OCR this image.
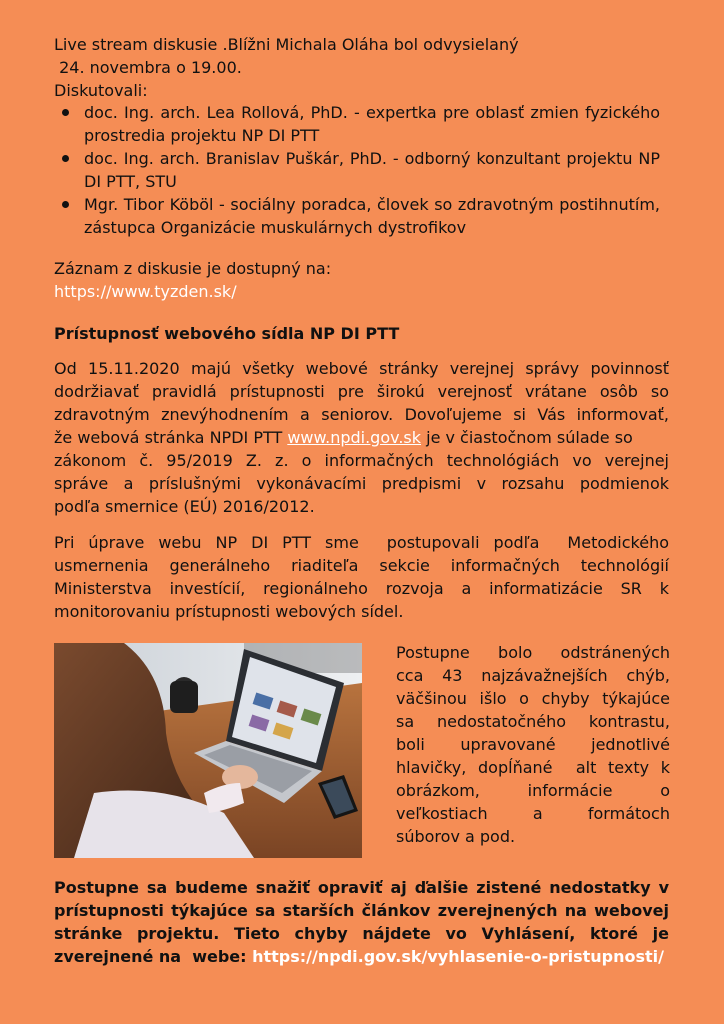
Live stream diskusie .Blížni Michala Oláha bol odvysielaný
24. novembra o 19.00.
Diskutovali:

doc. Ing. arch. Lea Rollová, PhD. - expertka pre oblasť zmien fyzického prostredia projektu NP DI PTT
doc. Ing. arch. Branislav Puškár, PhD. - odborný konzultant projektu NP DI PTT, STU
Mgr. Tibor Köböl - sociálny poradca, človek so zdravotným postihnutím, zástupca Organizácie muskulárnych dystrofikov

Záznam z diskusie je dostupný na:
https://www.tyzden.sk/

Prístupnosť webového sídla NP DI PTT

Od 15.11.2020 majú všetky webové stránky verejnej správy povinnosť
dodržiavať pravidlá prístupnosti pre širokú verejnosť vrátane osôb so
zdravotným znevýhodnením a seniorov. Dovoľujeme si Vás informovať,
že webová stránka NPDI PTT www.npdi.gov.sk je v čiastočnom súlade so
zákonom č. 95/2019 Z. z. o informačných technológiách vo verejnej
správe a príslušnými vykonávacími predpismi v rozsahu podmienok
podľa smernice (EÚ) 2016/2012.

Pri úprave webu NP DI PTT sme  postupovali podľa  Metodického
usmernenia generálneho riaditeľa sekcie informačných technológií
Ministerstva investícií, regionálneho rozvoja a informatizácie SR k
monitorovaniu prístupnosti webových sídel.

Postupne bolo odstránených
cca 43 najzávažnejších chýb,
väčšinou išlo o chyby týkajúce
sa nedostatočného kontrastu,
boli upravované jednotlivé
hlavičky, dopĺňané  alt texty k
obrázkom, informácie o
veľkostiach a formátoch
súborov a pod.

Postupne sa budeme snažiť opraviť aj ďalšie zistené nedostatky v
prístupnosti týkajúce sa starších článkov zverejnených na webovej
stránke projektu. Tieto chyby nájdete vo Vyhlásení, ktoré je
zverejnené na  webe: https://npdi.gov.sk/vyhlasenie-o-pristupnosti/
